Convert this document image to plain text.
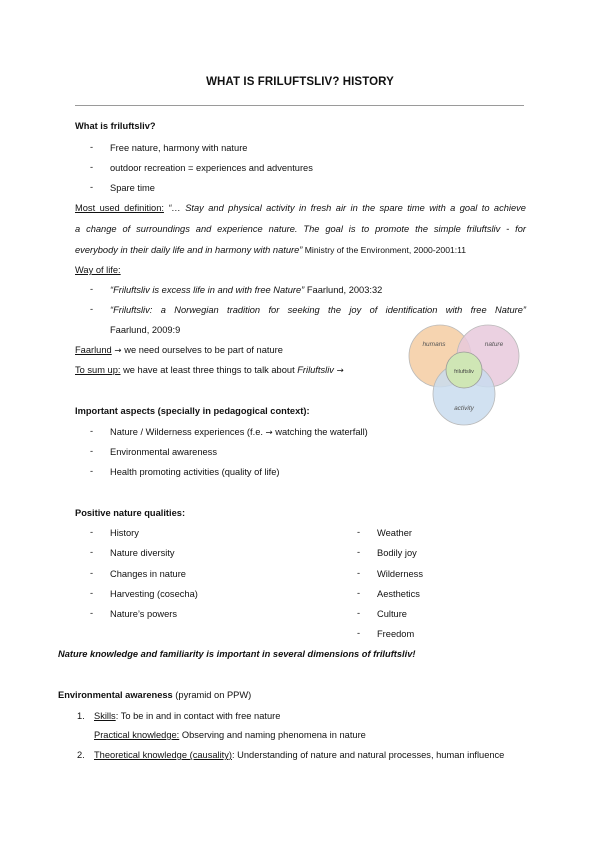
WHAT IS FRILUFTSLIV? HISTORY
What is friluftsliv?
- Free nature, harmony with nature
- outdoor recreation = experiences and adventures
- Spare time
Most used definition: “… Stay and physical activity in fresh air in the spare time with a goal to achieve
a change of surroundings and experience nature. The goal is to promote the simple friluftsliv - for
everybody in their daily life and in harmony with nature” Ministry of the Environment, 2000-2001:11
Way of life:
- “Friluftsliv is excess life in and with free Nature” Faarlund, 2003:32
- “Friluftsliv: a Norwegian tradition for seeking the joy of identification with free Nature”
Faarlund, 2009:9
Faarlund → we need ourselves to be part of nature
To sum up: we have at least three things to talk about Friluftsliv →
humans	nature
friluftsliv
activity
Important aspects (specially in pedagogical context):
- Nature / Wilderness experiences (f.e. → watching the waterfall)
- Environmental awareness
- Health promoting activities (quality of life)
Positive nature qualities:
- History
- Nature diversity
- Changes in nature
- Harvesting (cosecha)
- Nature’s powers
- Weather
- Bodily joy
- Wilderness
- Aesthetics
- Culture
- Freedom
Nature knowledge and familiarity is important in several dimensions of friluftsliv!
Environmental awareness (pyramid on PPW)
1. Skills: To be in and in contact with free nature
Practical knowledge: Observing and naming phenomena in nature
2. Theoretical knowledge (causality): Understanding of nature and natural processes, human influence
